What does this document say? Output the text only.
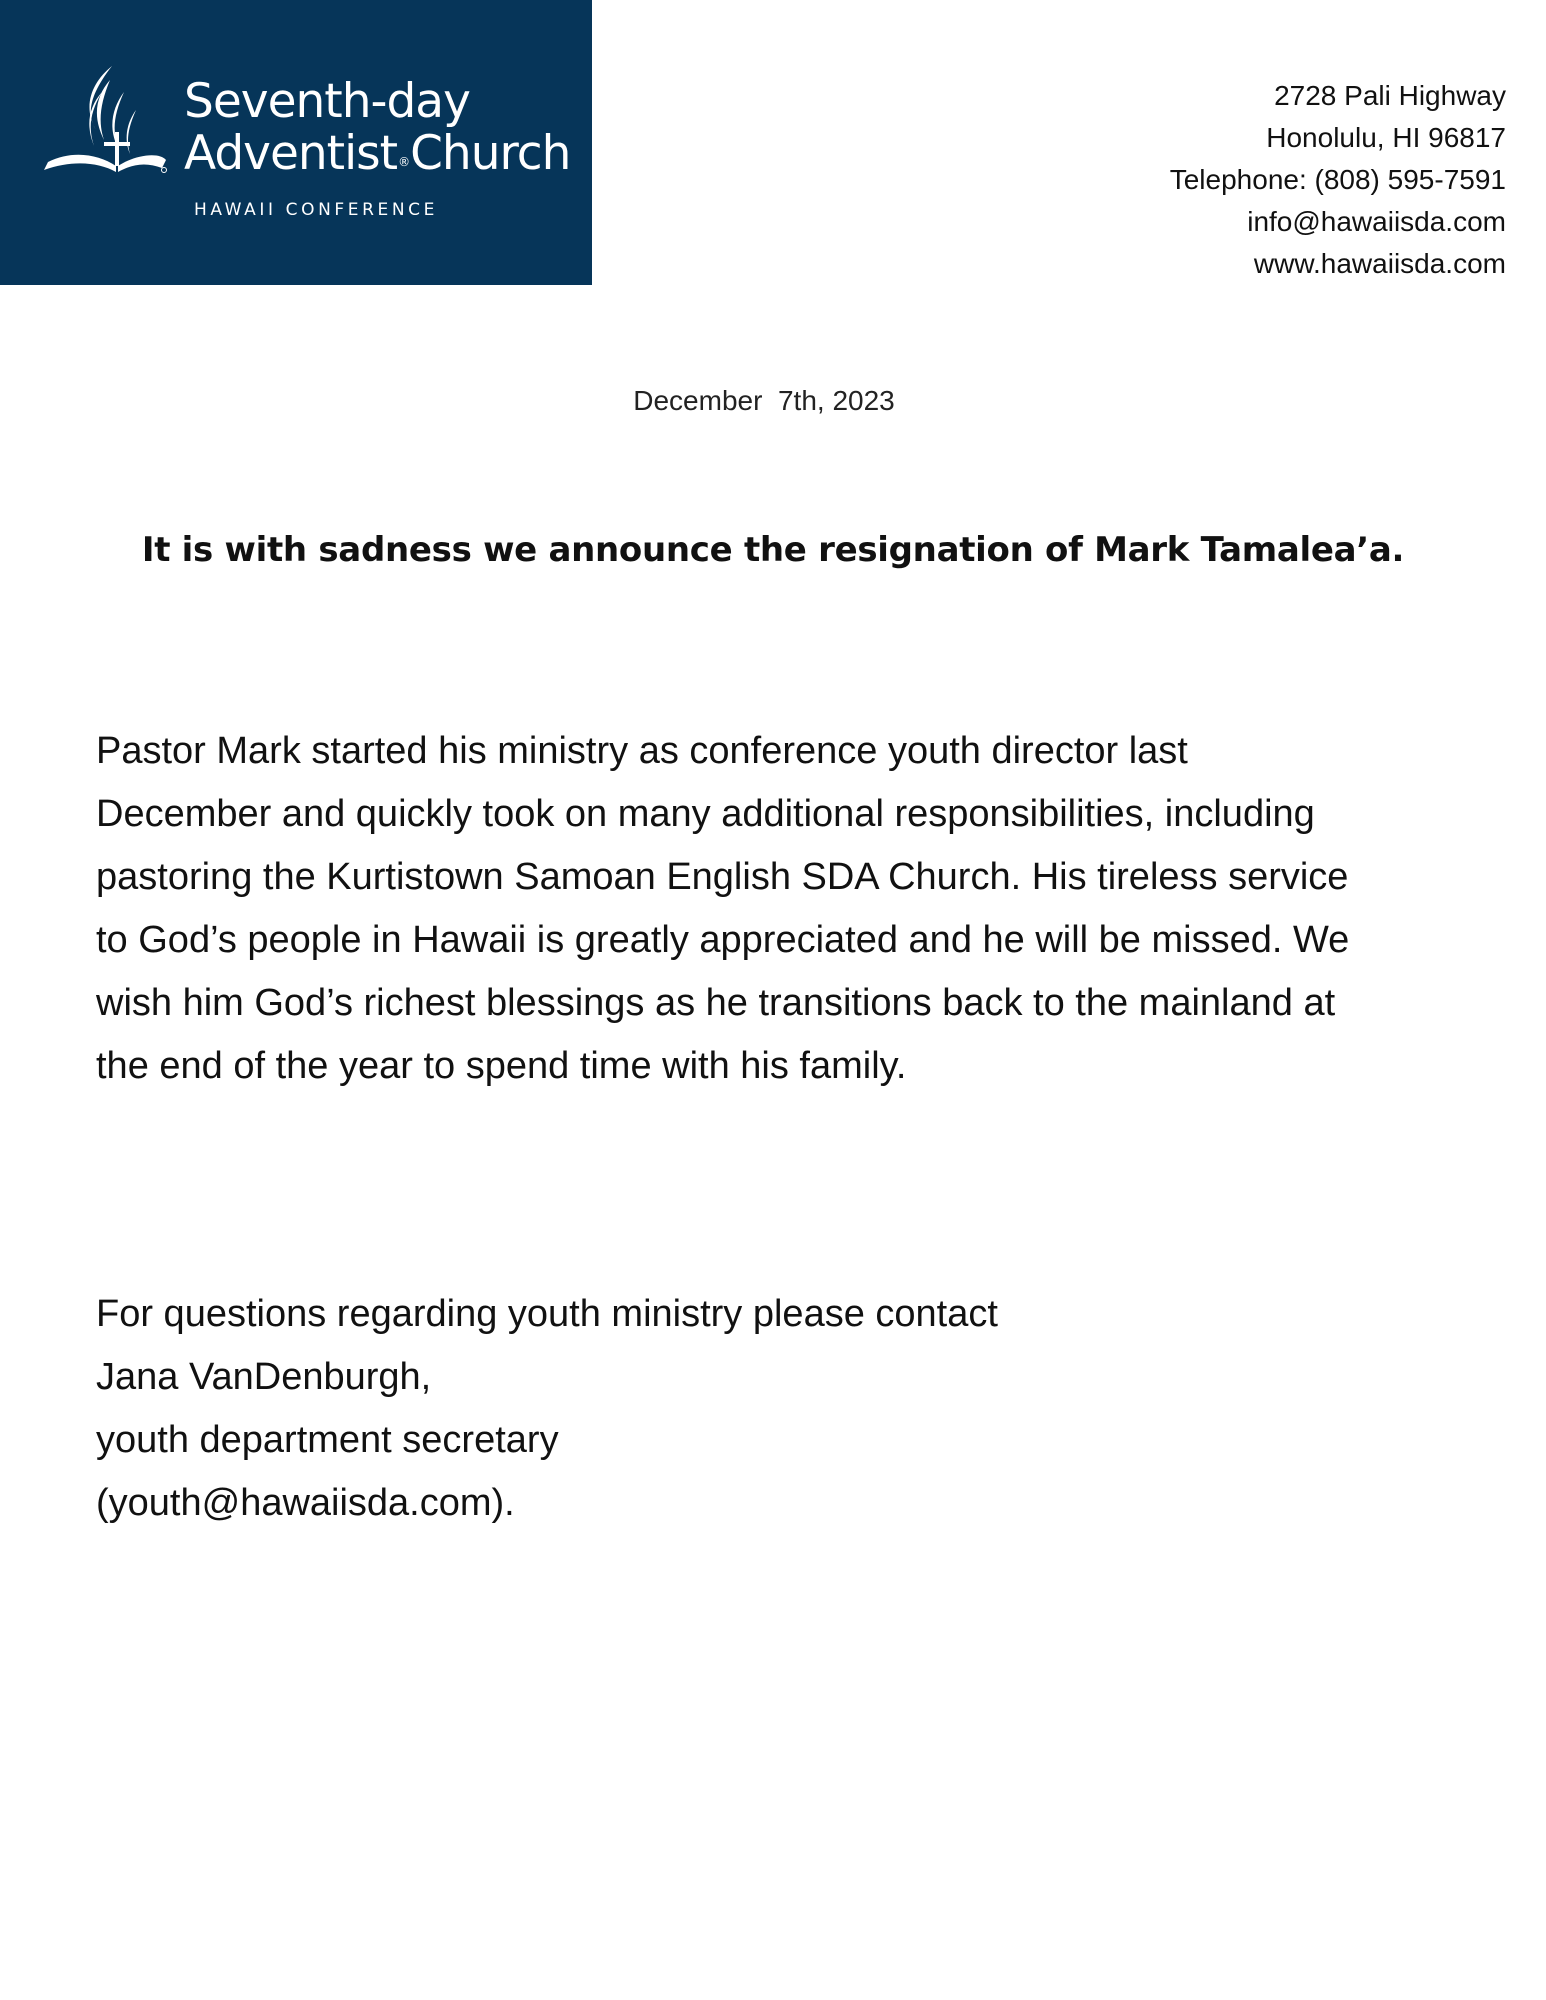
Seventh-day
Adventist®Church
HAWAII CONFERENCE
2728 Pali Highway
Honolulu, HI 96817
Telephone: (808) 595-7591
info@hawaiisda.com
www.hawaiisda.com
December  7th, 2023
It is with sadness we announce the resignation of Mark Tamalea’a.
Pastor Mark started his ministry as conference youth director last
December and quickly took on many additional responsibilities, including
pastoring the Kurtistown Samoan English SDA Church. His tireless service
to God’s people in Hawaii is greatly appreciated and he will be missed. We
wish him God’s richest blessings as he transitions back to the mainland at
the end of the year to spend time with his family.
For questions regarding youth ministry please contact
Jana VanDenburgh,
youth department secretary
(youth@hawaiisda.com).
